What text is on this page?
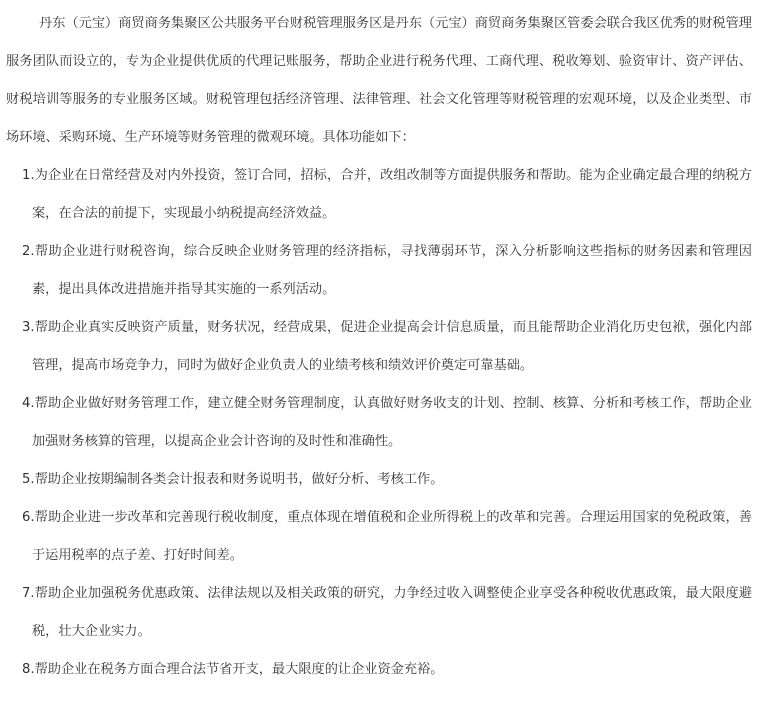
丹东（元宝）商贸商务集聚区公共服务平台财税管理服务区是丹东（元宝）商贸商务集聚区管委会联合我区优秀的财税管理服务团队而设立的，专为企业提供优质的代理记账服务，帮助企业进行税务代理、工商代理、税收筹划、验资审计、资产评估、财税培训等服务的专业服务区域。财税管理包括经济管理、法律管理、社会文化管理等财税管理的宏观环境，以及企业类型、市场环境、采购环境、生产环境等财务管理的微观环境。具体功能如下：

1.为企业在日常经营及对内外投资，签订合同，招标，合并，改组改制等方面提供服务和帮助。能为企业确定最合理的纳税方案，在合法的前提下，实现最小纳税提高经济效益。
2.帮助企业进行财税咨询，综合反映企业财务管理的经济指标，寻找薄弱环节，深入分析影响这些指标的财务因素和管理因素，提出具体改进措施并指导其实施的一系列活动。
3.帮助企业真实反映资产质量，财务状况，经营成果，促进企业提高会计信息质量，而且能帮助企业消化历史包袱，强化内部管理，提高市场竞争力，同时为做好企业负责人的业绩考核和绩效评价奠定可靠基础。
4.帮助企业做好财务管理工作，建立健全财务管理制度，认真做好财务收支的计划、控制、核算、分析和考核工作，帮助企业加强财务核算的管理，以提高企业会计咨询的及时性和准确性。
5.帮助企业按期编制各类会计报表和财务说明书，做好分析、考核工作。
6.帮助企业进一步改革和完善现行税收制度，重点体现在增值税和企业所得税上的改革和完善。合理运用国家的免税政策，善于运用税率的点子差、打好时间差。
7.帮助企业加强税务优惠政策、法律法规以及相关政策的研究，力争经过收入调整使企业享受各种税收优惠政策，最大限度避税，壮大企业实力。
8.帮助企业在税务方面合理合法节省开支，最大限度的让企业资金充裕。
